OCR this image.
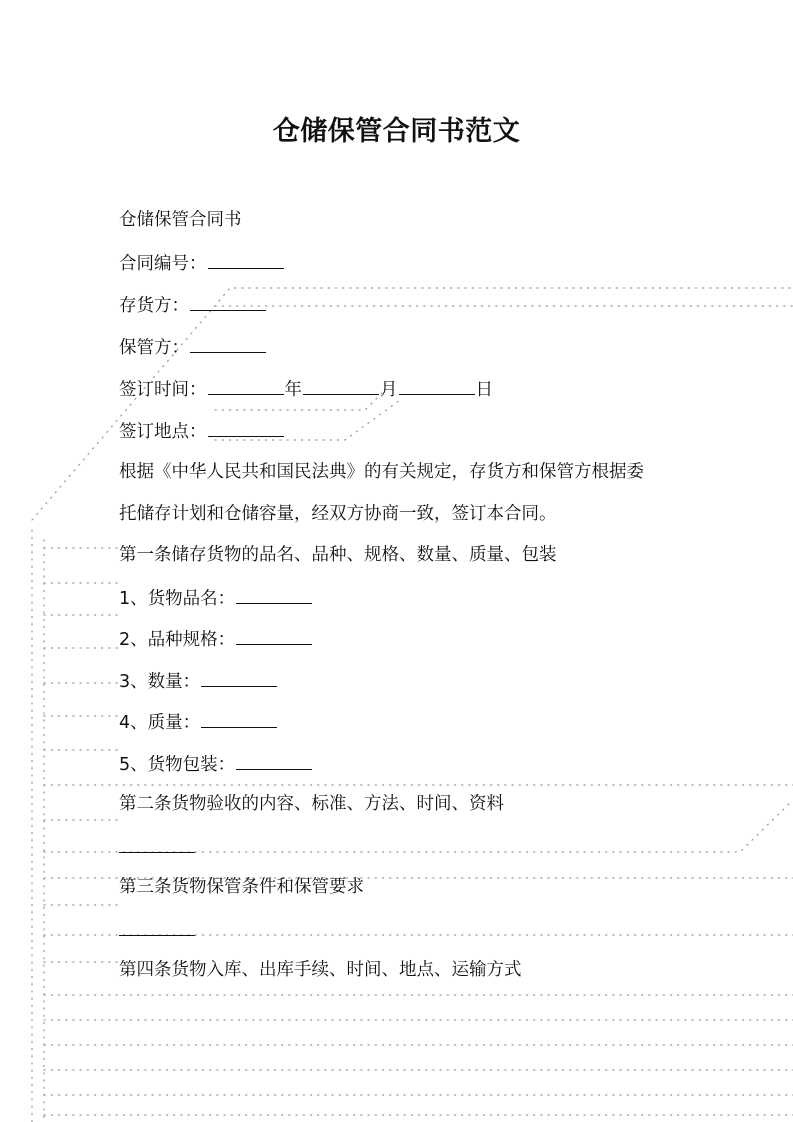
仓储保管合同书范文
仓储保管合同书
合同编号：
存货方：
保管方：
签订时间：	年	月	日
签订地点：
根据《中华人民共和国民法典》的有关规定，存货方和保管方根据委
托储存计划和仓储容量，经双方协商一致，签订本合同。
第一条储存货物的品名、品种、规格、数量、质量、包装
1、货物品名：
2、品种规格：
3、数量：
4、质量：
5、货物包装：
第二条货物验收的内容、标准、方法、时间、资料
第三条货物保管条件和保管要求
第四条货物入库、出库手续、时间、地点、运输方式
